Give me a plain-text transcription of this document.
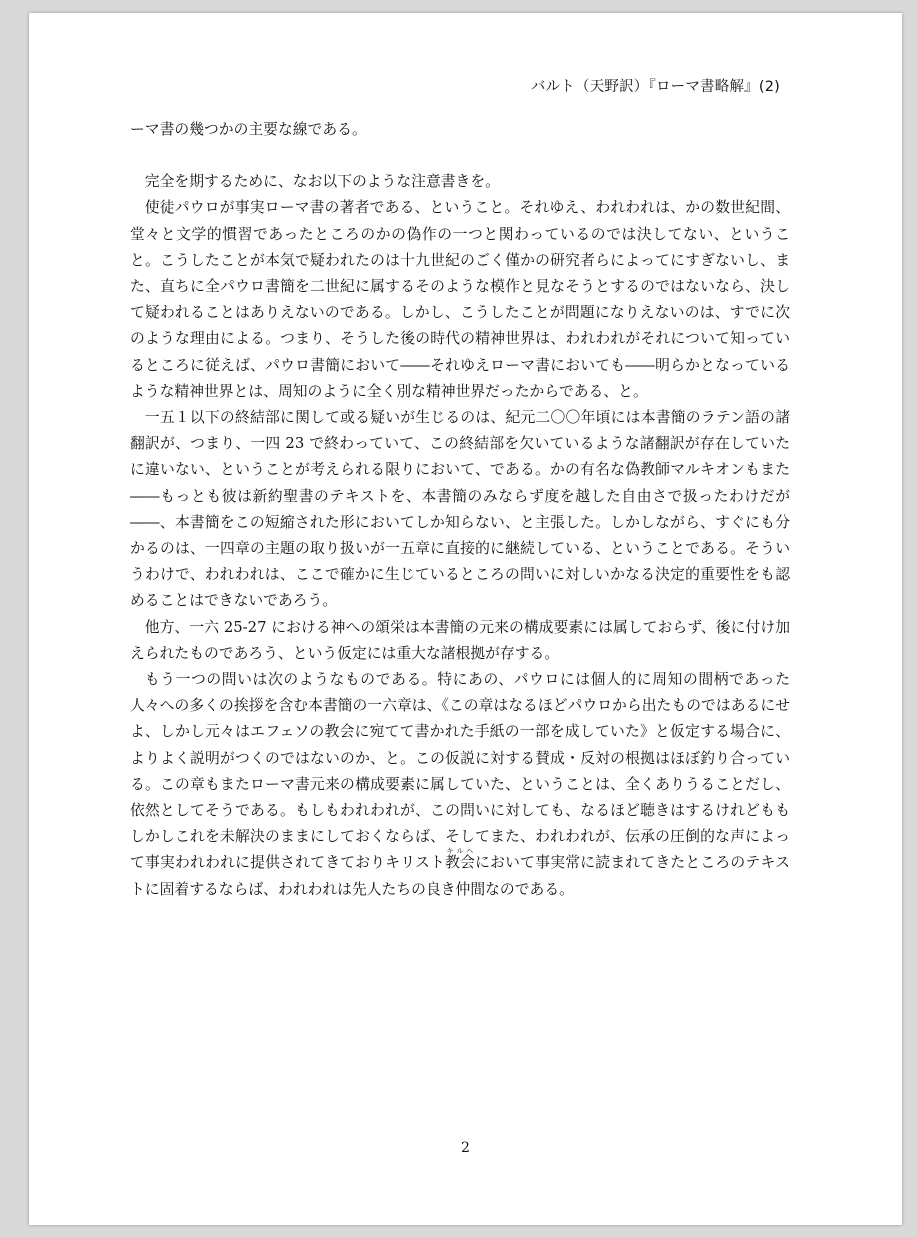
バルト（天野訳）『ローマ書略解』(2)

ーマ書の幾つかの主要な線である。

完全を期するために、なお以下のような注意書きを。

使徒パウロが事実ローマ書の著者である、ということ。それゆえ、われわれは、かの数世紀間、堂々と文学的慣習であったところのかの偽作の一つと関わっているのでは決してない、ということ。こうしたことが本気で疑われたのは十九世紀のごく僅かの研究者らによってにすぎないし、また、直ちに全パウロ書簡を二世紀に属するそのような模作と見なそうとするのではないなら、決して疑われることはありえないのである。しかし、こうしたことが問題になりえないのは、すでに次のような理由による。つまり、そうした後の時代の精神世界は、われわれがそれについて知っているところに従えば、パウロ書簡において――それゆえローマ書においても――明らかとなっているような精神世界とは、周知のように全く別な精神世界だったからである、と。

一五１以下の終結部に関して或る疑いが生じるのは、紀元二〇〇年頃には本書簡のラテン語の諸翻訳が、つまり、一四 23 で終わっていて、この終結部を欠いているような諸翻訳が存在していたに違いない、ということが考えられる限りにおいて、である。かの有名な偽教師マルキオンもまた――もっとも彼は新約聖書のテキストを、本書簡のみならず度を越した自由さで扱ったわけだが――、本書簡をこの短縮された形においてしか知らない、と主張した。しかしながら、すぐにも分かるのは、一四章の主題の取り扱いが一五章に直接的に継続している、ということである。そういうわけで、われわれは、ここで確かに生じているところの問いに対しいかなる決定的重要性をも認めることはできないであろう。

他方、一六 25-27 における神への頌栄は本書簡の元来の構成要素には属しておらず、後に付け加えられたものであろう、という仮定には重大な諸根拠が存する。

もう一つの問いは次のようなものである。特にあの、パウロには個人的に周知の間柄であった人々への多くの挨拶を含む本書簡の一六章は、《この章はなるほどパウロから出たものではあるにせよ、しかし元々はエフェソの教会に宛てて書かれた手紙の一部を成していた》と仮定する場合に、よりよく説明がつくのではないのか、と。この仮説に対する賛成・反対の根拠はほぼ釣り合っている。この章もまたローマ書元来の構成要素に属していた、ということは、全くありうることだし、依然としてそうである。もしもわれわれが、この問いに対しても、なるほど聴きはするけれどももしかしこれを未解決のままにしておくならば、そしてまた、われわれが、伝承の圧倒的な声によって事実われわれに提供されてきておりキリスト教会キルヘにおいて事実常に読まれてきたところのテキストに固着するならば、われわれは先人たちの良き仲間なのである。

2
